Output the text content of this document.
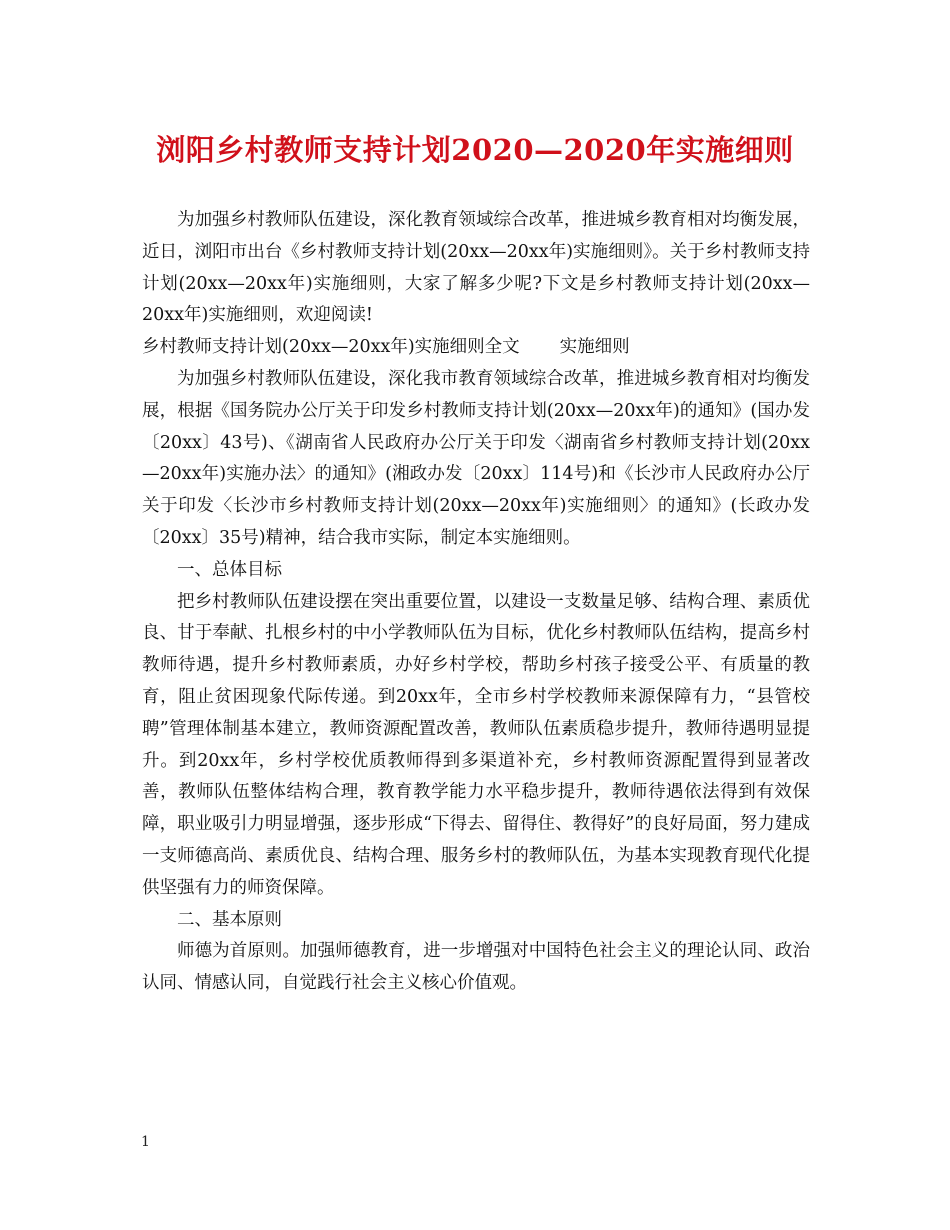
浏阳乡村教师支持计划2020—2020年实施细则

为加强乡村教师队伍建设，深化教育领域综合改革，推进城乡教育相对均衡发展，近日，浏阳市出台《乡村教师支持计划(20xx—20xx年)实施细则》。关于乡村教师支持计划(20xx—20xx年)实施细则，大家了解多少呢?下文是乡村教师支持计划(20xx—20xx年)实施细则，欢迎阅读!

乡村教师支持计划(20xx—20xx年)实施细则全文 实施细则

为加强乡村教师队伍建设，深化我市教育领域综合改革，推进城乡教育相对均衡发展，根据《国务院办公厅关于印发乡村教师支持计划(20xx—20xx年)的通知》(国办发〔20xx〕43号)、《湖南省人民政府办公厅关于印发〈湖南省乡村教师支持计划(20xx—20xx年)实施办法〉的通知》(湘政办发〔20xx〕114号)和《长沙市人民政府办公厅关于印发〈长沙市乡村教师支持计划(20xx—20xx年)实施细则〉的通知》(长政办发〔20xx〕35号)精神，结合我市实际，制定本实施细则。

一、总体目标

把乡村教师队伍建设摆在突出重要位置，以建设一支数量足够、结构合理、素质优良、甘于奉献、扎根乡村的中小学教师队伍为目标，优化乡村教师队伍结构，提高乡村教师待遇，提升乡村教师素质，办好乡村学校，帮助乡村孩子接受公平、有质量的教育，阻止贫困现象代际传递。到20xx年，全市乡村学校教师来源保障有力，“县管校聘”管理体制基本建立，教师资源配置改善，教师队伍素质稳步提升，教师待遇明显提升。到20xx年，乡村学校优质教师得到多渠道补充，乡村教师资源配置得到显著改善，教师队伍整体结构合理，教育教学能力水平稳步提升，教师待遇依法得到有效保障，职业吸引力明显增强，逐步形成“下得去、留得住、教得好”的良好局面，努力建成一支师德高尚、素质优良、结构合理、服务乡村的教师队伍，为基本实现教育现代化提供坚强有力的师资保障。

二、基本原则

师德为首原则。加强师德教育，进一步增强对中国特色社会主义的理论认同、政治认同、情感认同，自觉践行社会主义核心价值观。

1
